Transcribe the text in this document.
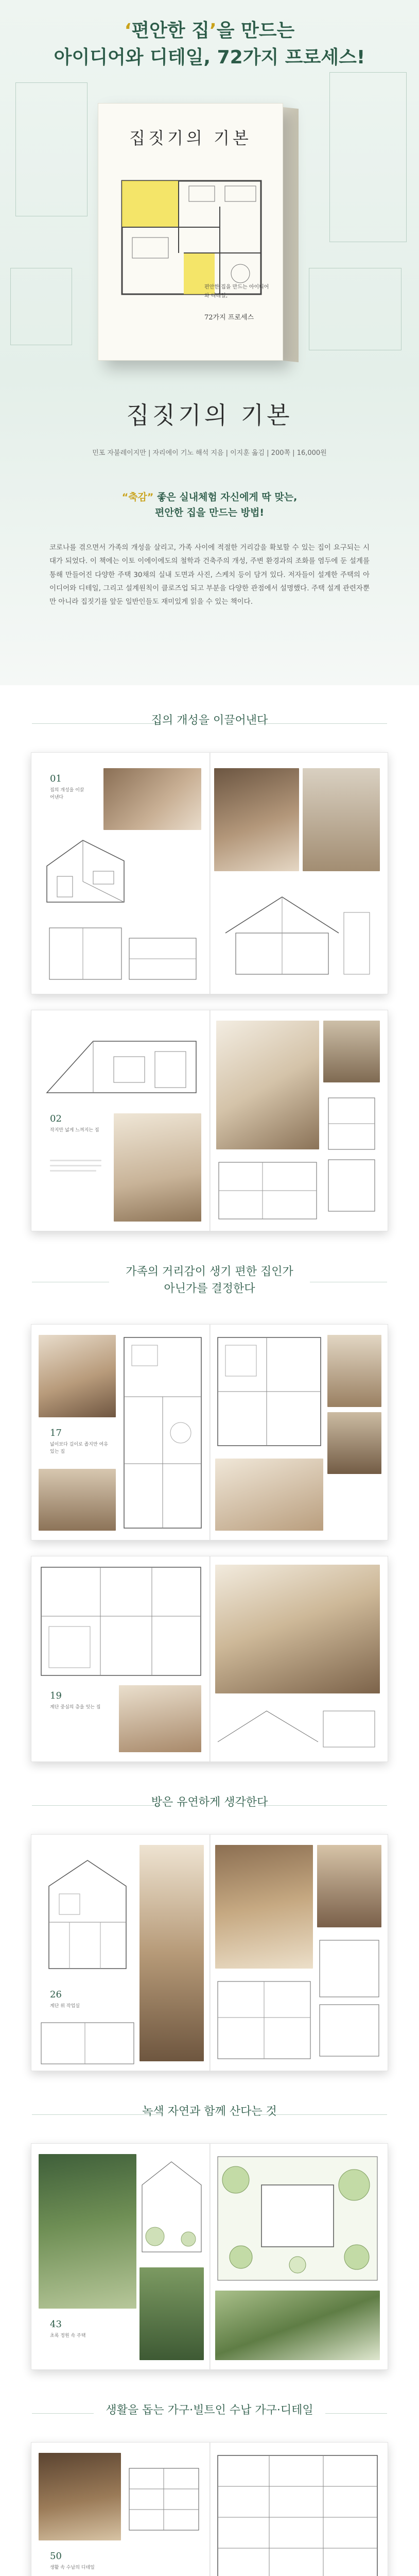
‘편안한 집’을 만드는
아이디어와 디테일, 72가지 프로세스!
집짓기의 기본
편안한 집을 만드는 아이디어와 디테일,
72가지 프로세스
집짓기의 기본
민포 자불레이지만 | 자리에이 기노 해석 지음 | 이지훈 옮김 | 200쪽 | 16,000원
“축감” 좋은 실내체험 자신에게 딱 맞는,
편안한 집을 만드는 방법!

코로나를 겪으면서 가족의 개성을 살리고, 가족 사이에 적절한 거리감을 확보할 수 있는 집이 요구되는 시대가 되었다. 이 책에는 이토 이에이에도의 철학과 건축주의 개성, 주변 환경과의 조화를 염두에 둔 설계를 통해 만들어진 다양한 주택 30채의 실내 도면과 사진, 스케치 등이 담겨 있다. 저자들이 설계한 주택의 아이디어와 디테일, 그리고 설계원칙이 클로즈업 되고 부분을 다양한 관점에서 설명했다. 주택 설계 관련자뿐 만 아니라 집짓기를 앞둔 일반인들도 재미있게 읽을 수 있는 책이다.

집의 개성을 이끌어낸다
01
집의 개성을 이끌어낸다
02
작지만 넓게 느껴지는 집
가족의 거리감이 생기 편한 집인가
아닌가를 결정한다
17
넓이보다 길이로 좁지만 여유 있는 집
19
계단 중심의 층을 잇는 집
방은 유연하게 생각한다
26
계단 위 작업실
녹색 자연과 함께 산다는 것
43
초록 정원 속 주택
생활을 돕는 가구·빌트인 수납 가구·디테일
50
생활 속 수납의 디테일
